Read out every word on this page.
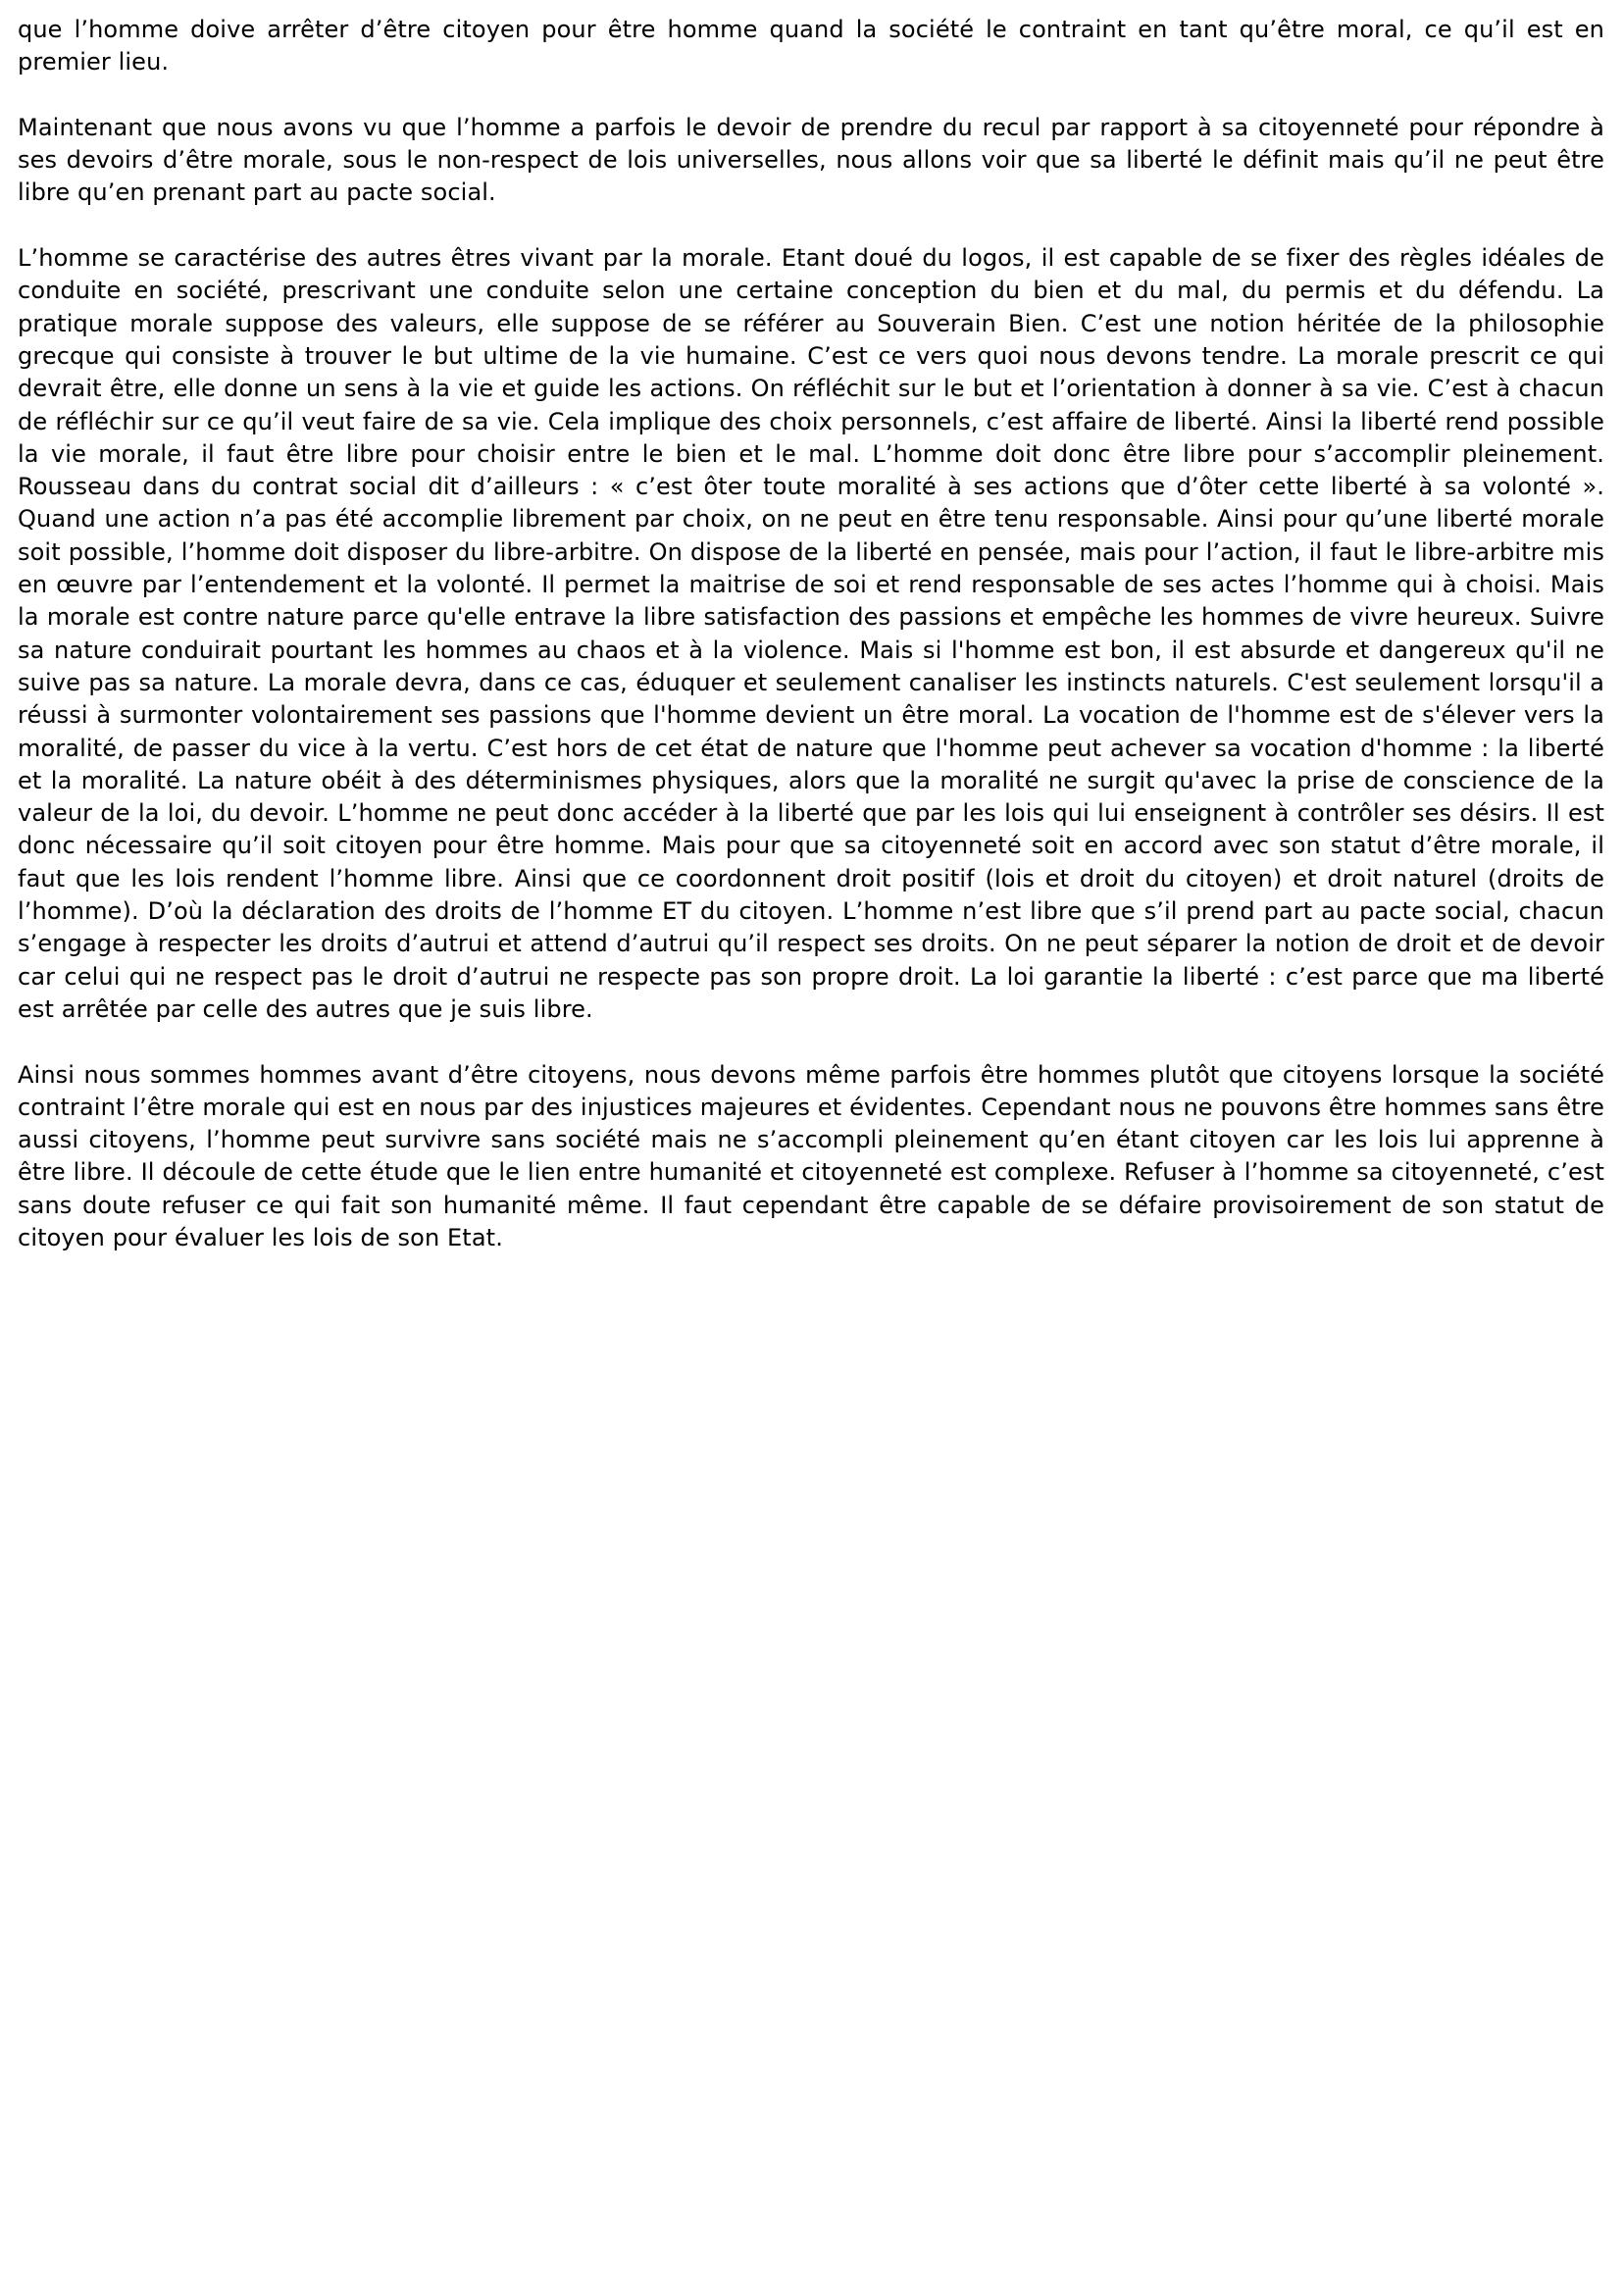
que l’homme doive arrêter d’être citoyen pour être homme quand la société le contraint en tant qu’être moral, ce qu’il est en premier lieu.

Maintenant que nous avons vu que l’homme a parfois le devoir de prendre du recul par rapport à sa citoyenneté pour répondre à ses devoirs d’être morale, sous le non-respect de lois universelles, nous allons voir que sa liberté le définit mais qu’il ne peut être libre qu’en prenant part au pacte social.

L’homme se caractérise des autres êtres vivant par la morale. Etant doué du logos, il est capable de se fixer des règles idéales de conduite en société, prescrivant une conduite selon une certaine conception du bien et du mal, du permis et du défendu. La pratique morale suppose des valeurs, elle suppose de se référer au Souverain Bien. C’est une notion héritée de la philosophie grecque qui consiste à trouver le but ultime de la vie humaine. C’est ce vers quoi nous devons tendre. La morale prescrit ce qui devrait être, elle donne un sens à la vie et guide les actions. On réfléchit sur le but et l’orientation à donner à sa vie. C’est à chacun de réfléchir sur ce qu’il veut faire de sa vie. Cela implique des choix personnels, c’est affaire de liberté. Ainsi la liberté rend possible la vie morale, il faut être libre pour choisir entre le bien et le mal. L’homme doit donc être libre pour s’accomplir pleinement. Rousseau dans du contrat social dit d’ailleurs : « c’est ôter toute moralité à ses actions que d’ôter cette liberté à sa volonté ». Quand une action n’a pas été accomplie librement par choix, on ne peut en être tenu responsable. Ainsi pour qu’une liberté morale soit possible, l’homme doit disposer du libre-arbitre. On dispose de la liberté en pensée, mais pour l’action, il faut le libre-arbitre mis en œuvre par l’entendement et la volonté. Il permet la maitrise de soi et rend responsable de ses actes l’homme qui à choisi. Mais la morale est contre nature parce qu'elle entrave la libre satisfaction des passions et empêche les hommes de vivre heureux. Suivre sa nature conduirait pourtant les hommes au chaos et à la violence. Mais si l'homme est bon, il est absurde et dangereux qu'il ne suive pas sa nature. La morale devra, dans ce cas, éduquer et seulement canaliser les instincts naturels. C'est seulement lorsqu'il a réussi à surmonter volontairement ses passions que l'homme devient un être moral. La vocation de l'homme est de s'élever vers la moralité, de passer du vice à la vertu. C’est hors de cet état de nature que l'homme peut achever sa vocation d'homme : la liberté et la moralité. La nature obéit à des déterminismes physiques, alors que la moralité ne surgit qu'avec la prise de conscience de la valeur de la loi, du devoir. L’homme ne peut donc accéder à la liberté que par les lois qui lui enseignent à contrôler ses désirs. Il est donc nécessaire qu’il soit citoyen pour être homme. Mais pour que sa citoyenneté soit en accord avec son statut d’être morale, il faut que les lois rendent l’homme libre. Ainsi que ce coordonnent droit positif (lois et droit du citoyen) et droit naturel (droits de l’homme). D’où la déclaration des droits de l’homme ET du citoyen. L’homme n’est libre que s’il prend part au pacte social, chacun s’engage à respecter les droits d’autrui et attend d’autrui qu’il respect ses droits. On ne peut séparer la notion de droit et de devoir car celui qui ne respect pas le droit d’autrui ne respecte pas son propre droit. La loi garantie la liberté : c’est parce que ma liberté est arrêtée par celle des autres que je suis libre.

Ainsi nous sommes hommes avant d’être citoyens, nous devons même parfois être hommes plutôt que citoyens lorsque la société contraint l’être morale qui est en nous par des injustices majeures et évidentes. Cependant nous ne pouvons être hommes sans être aussi citoyens, l’homme peut survivre sans société mais ne s’accompli pleinement qu’en étant citoyen car les lois lui apprenne à être libre. Il découle de cette étude que le lien entre humanité et citoyenneté est complexe. Refuser à l’homme sa citoyenneté, c’est sans doute refuser ce qui fait son humanité même. Il faut cependant être capable de se défaire provisoirement de son statut de citoyen pour évaluer les lois de son Etat.
